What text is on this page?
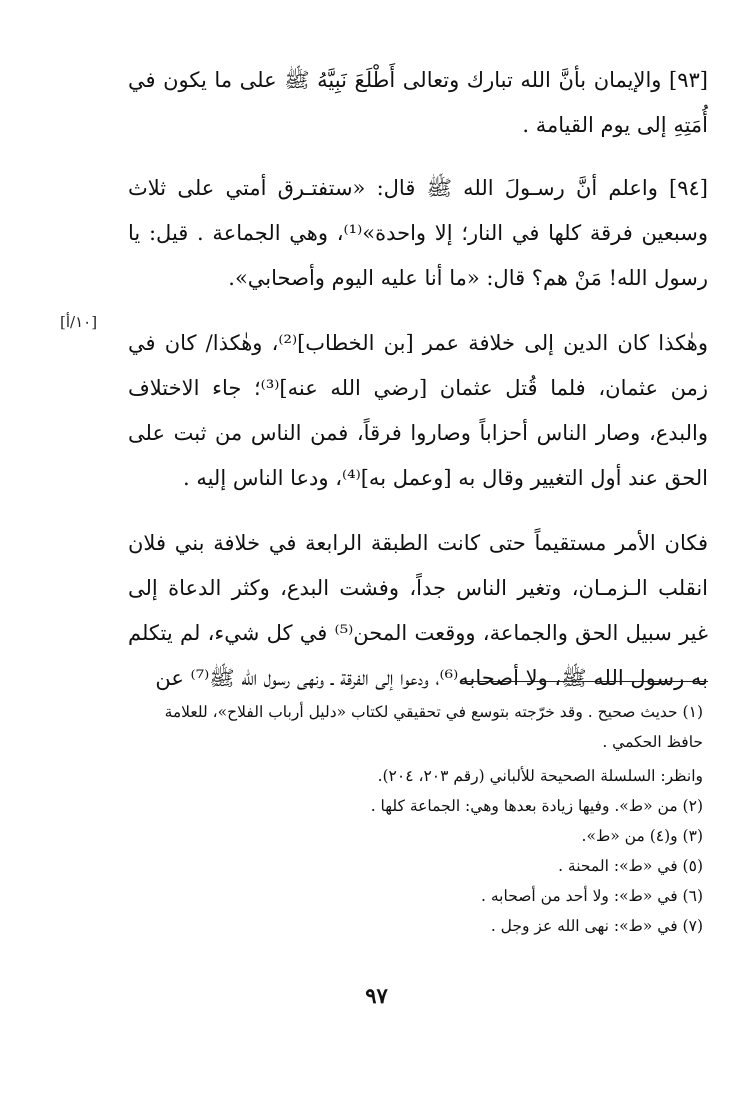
[٩٣] والإيمان بأنَّ الله تبارك وتعالى أَطْلَعَ نَبِيَّهُ ﷺ على ما يكون في أُمَتِهِ إلى يوم القيامة .

[٩٤] واعلم أنَّ رسـولَ الله ﷺ قال: «ستفتـرق أمتي على ثلاث وسبعين فرقة كلها في النار؛ إلا واحدة»⁽¹⁾، وهي الجماعة . قيل: يا رسول الله! مَنْ هم؟ قال: «ما أنا عليه اليوم وأصحابي».

وهٰكذا كان الدين إلى خلافة عمر [بن الخطاب]⁽²⁾، وهٰكذا/ كان في زمن عثمان، فلما قُتل عثمان [رضي الله عنه]⁽³⁾؛ جاء الاختلاف والبدع، وصار الناس أحزاباً وصاروا فرقاً، فمن الناس من ثبت على الحق عند أول التغيير وقال به [وعمل به]⁽⁴⁾، ودعا الناس إليه .

فكان الأمر مستقيماً حتى كانت الطبقة الرابعة في خلافة بني فلان انقلب الـزمـان، وتغير الناس جداً، وفشت البدع، وكثر الدعاة إلى غير سبيل الحق والجماعة، ووقعت المحن⁽⁵⁾ في كل شيء، لم يتكلم به رسول الله ﷺ، ولا أصحابه⁽⁶⁾، ودعوا إلى الفرقة ـ ونهى رسول الله ﷺ⁽⁷⁾ عن

[١٠/أ]

(١) حديث صحيح . وقد خرّجته بتوسع في تحقيقي لكتاب «دليل أرباب الفلاح»، للعلامة حافظ الحكمي .

وانظر: السلسلة الصحيحة للألباني (رقم ٢٠٣، ٢٠٤).

(٢) من «ط». وفيها زيادة بعدها وهي: الجماعة كلها .

(٣) و(٤) من «ط».

(٥) في «ط»: المحنة .

(٦) في «ط»: ولا أحد من أصحابه .

(٧) في «ط»: نهى الله عز وجل .

٩٧
